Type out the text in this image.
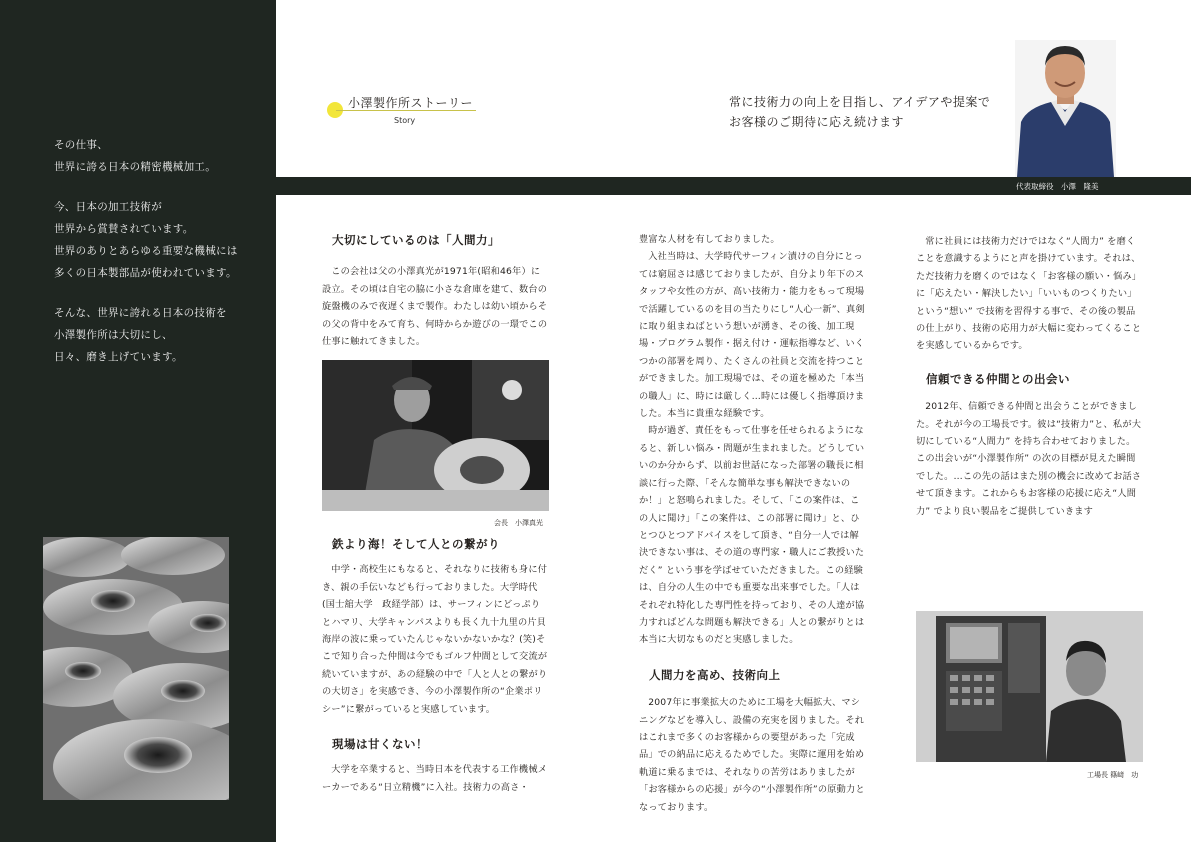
その仕事、
世界に誇る日本の精密機械加工。

今、日本の加工技術が
世界から賞賛されています。
世界のありとあらゆる重要な機械には
多くの日本製部品が使われています。

そんな、世界に誇れる日本の技術を
小澤製作所は大切にし、
日々、磨き上げています。

小澤製作所ストーリー
Story
常に技術力の向上を目指し、アイデアや提案で
お客様のご期待に応え続けます
代表取締役　小澤　隆美
大切にしているのは「人間力」

この会社は父の小澤真光が1971年(昭和46年）に設立。その頃は自宅の脇に小さな倉庫を建て、数台の旋盤機のみで夜遅くまで製作。わたしは幼い頃からその父の背中をみて育ち、何時からか遊びの一環でこの仕事に触れてきました。

会長　小澤真光
鉄より海！そして人との繋がり

中学・高校生にもなると、それなりに技術も身に付き、親の手伝いなども行っておりました。大学時代(国士舘大学　政経学部）は、サーフィンにどっぷりとハマリ、大学キャンパスよりも長く九十九里の片貝海岸の波に乗っていたんじゃないかないかな？(笑)そこで知り合った仲間は今でもゴルフ仲間として交流が続いていますが、あの経験の中で「人と人との繋がりの大切さ」を実感でき、今の小澤製作所の“企業ポリシー”に繋がっていると実感しています。

現場は甘くない！

大学を卒業すると、当時日本を代表する工作機械メーカーである“日立精機”に入社。技術力の高さ・

豊富な人材を有しておりました。

入社当時は、大学時代サーフィン漬けの自分にとっては窮屈さは感じておりましたが、自分より年下のスタッフや女性の方が、高い技術力・能力をもって現場で活躍しているのを目の当たりにし“人心一新”、真剣に取り組まねばという想いが湧き、その後、加工現場・プログラム製作・据え付け・運転指導など、いくつかの部署を周り、たくさんの社員と交流を持つことができました。加工現場では、その道を極めた「本当の職人」に、時には厳しく…時には優しく指導頂けました。本当に貴重な経験です。

時が過ぎ、責任をもって仕事を任せられるようになると、新しい悩み・問題が生まれました。どうしていいのか分からず、以前お世話になった部署の職長に相談に行った際、「そんな簡単な事も解決できないのか！」と怒鳴られました。そして、「この案件は、この人に聞け」「この案件は、この部署に聞け」と、ひとつひとつアドバイスをして頂き、“自分一人では解決できない事は、その道の専門家・職人にご教授いただく” という事を学ばせていただきました。この経験は、自分の人生の中でも重要な出来事でした。「人はそれぞれ特化した専門性を持っており、その人達が協力すればどんな問題も解決できる」人との繋がりとは本当に大切なものだと実感しました。

人間力を高め、技術向上

2007年に事業拡大のために工場を大幅拡大、マシニングなどを導入し、設備の充実を図りました。それはこれまで多くのお客様からの要望があった「完成品」での納品に応えるためでした。実際に運用を始め軌道に乗るまでは、それなりの苦労はありましたが「お客様からの応援」が今の“小澤製作所”の原動力となっております。

常に社員には技術力だけではなく“人間力” を磨くことを意識するようにと声を掛けています。それは、ただ技術力を磨くのではなく「お客様の願い・悩み」に「応えたい・解決したい」「いいものつくりたい」という“想い” で技術を習得する事で、その後の製品の仕上がり、技術の応用力が大幅に変わってくることを実感しているからです。

信頼できる仲間との出会い

2012年、信頼できる仲間と出会うことができました。それが今の工場長です。彼は“技術力”と、私が大切にしている“人間力” を持ち合わせておりました。この出会いが“小澤製作所” の次の目標が見えた瞬間でした。…この先の話はまた別の機会に改めてお話させて頂きます。これからもお客様の応援に応え“人間力” でより良い製品をご提供していきます

工場長 篠﨑　功
